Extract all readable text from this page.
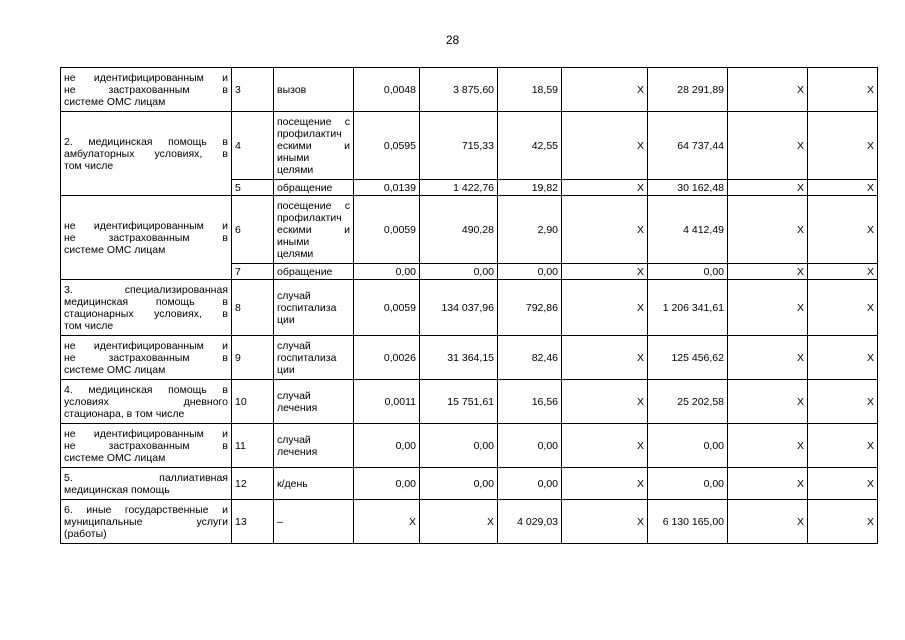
28
не идентифицированным и
не застрахованным в
системе ОМС лицам	3	вызов	0,0048	3 875,60	18,59	X	28 291,89	X	X

2. медицинская помощь в
амбулаторных условиях, в
том числе	4	посещение с
профилактич
ескими и
иными
целями	0,0595	715,33	42,55	X	64 737,44	X	X
	5	обращение	0,0139	1 422,76	19,82	X	30 162,48	X	X

не идентифицированным и
не застрахованным в
системе ОМС лицам	6	посещение с
профилактич
ескими и
иными
целями	0,0059	490,28	2,90	X	4 412,49	X	X
	7	обращение	0,00	0,00	0,00	X	0,00	X	X

3. специализированная
медицинская помощь в
стационарных условиях, в
том числе	8	случай
госпитализа
ции	0,0059	134 037,96	792,86	X	1 206 341,61	X	X

не идентифицированным и
не застрахованным в
системе ОМС лицам	9	случай
госпитализа
ции	0,0026	31 364,15	82,46	X	125 456,62	X	X

4. медицинская помощь в
условиях дневного
стационара, в том числе	10	случай
лечения	0,0011	15 751,61	16,56	X	25 202,58	X	X

не идентифицированным и
не застрахованным в
системе ОМС лицам	11	случай
лечения	0,00	0,00	0,00	X	0,00	X	X

5. паллиативная
медицинская помощь	12	к/день	0,00	0,00	0,00	X	0,00	X	X

6. иные государственные и
муниципальные услуги
(работы)	13	–	X	X	4 029,03	X	6 130 165,00	X	X
